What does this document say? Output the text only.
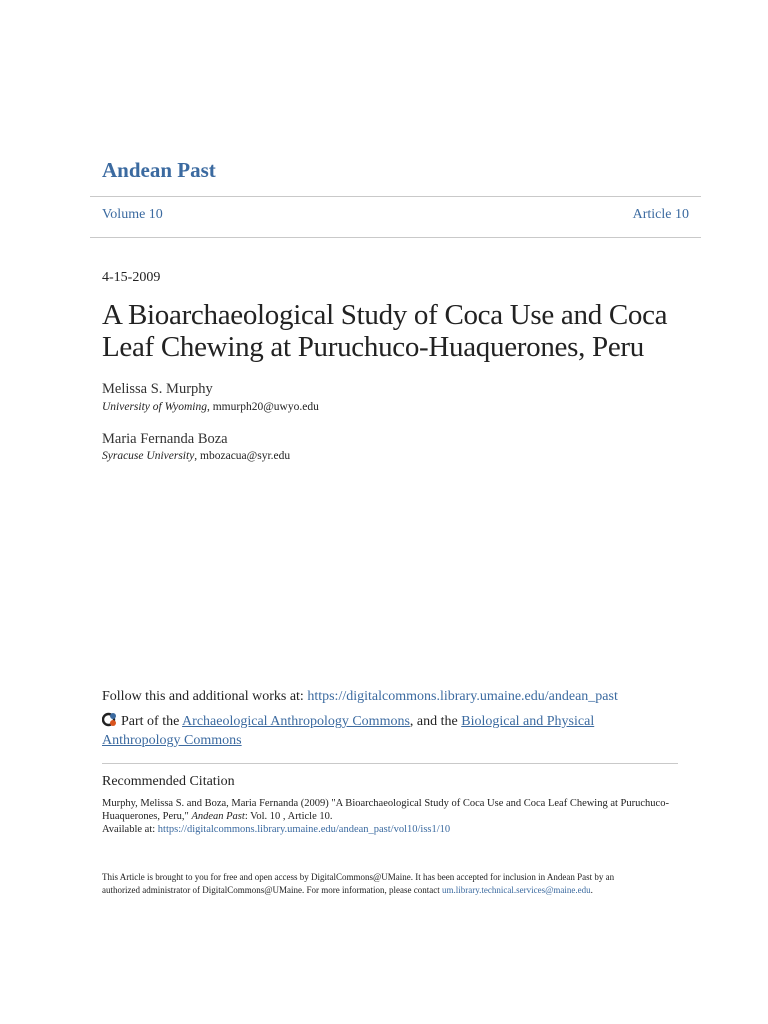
Andean Past
Volume 10	Article 10
4-15-2009
A Bioarchaeological Study of Coca Use and Coca
Leaf Chewing at Puruchuco-Huaquerones, Peru
Melissa S. Murphy
University of Wyoming, mmurph20@uwyo.edu
Maria Fernanda Boza
Syracuse University, mbozacua@syr.edu
Follow this and additional works at: https://digitalcommons.library.umaine.edu/andean_past
Part of the Archaeological Anthropology Commons, and the Biological and Physical
Anthropology Commons
Recommended Citation
Murphy, Melissa S. and Boza, Maria Fernanda (2009) "A Bioarchaeological Study of Coca Use and Coca Leaf Chewing at Puruchuco-
Huaquerones, Peru," Andean Past: Vol. 10 , Article 10.
Available at: https://digitalcommons.library.umaine.edu/andean_past/vol10/iss1/10
This Article is brought to you for free and open access by DigitalCommons@UMaine. It has been accepted for inclusion in Andean Past by an
authorized administrator of DigitalCommons@UMaine. For more information, please contact um.library.technical.services@maine.edu.
